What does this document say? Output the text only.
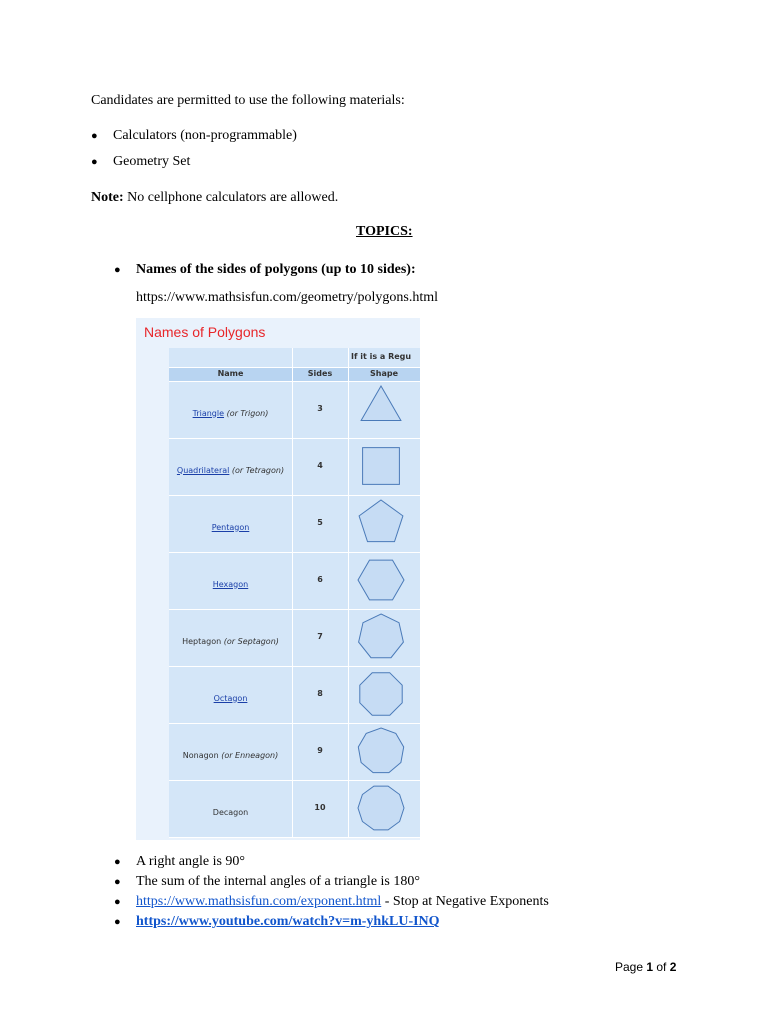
Candidates are permitted to use the following materials:
● Calculators (non-programmable)
● Geometry Set
Note: No cellphone calculators are allowed.
TOPICS:
● Names of the sides of polygons (up to 10 sides):
https://www.mathsisfun.com/geometry/polygons.html
Names of Polygons
If it is a Regu
Name	Sides	Shape
Triangle (or Trigon)
3
Quadrilateral (or Tetragon)
4
Pentagon
5
Hexagon
6
Heptagon (or Septagon)
7
Octagon
8
Nonagon (or Enneagon)
9
Decagon
10
● A right angle is 90°
● The sum of the internal angles of a triangle is 180°
● https://www.mathsisfun.com/exponent.html - Stop at Negative Exponents
● https://www.youtube.com/watch?v=m-yhkLU-INQ
Page 1 of 2
